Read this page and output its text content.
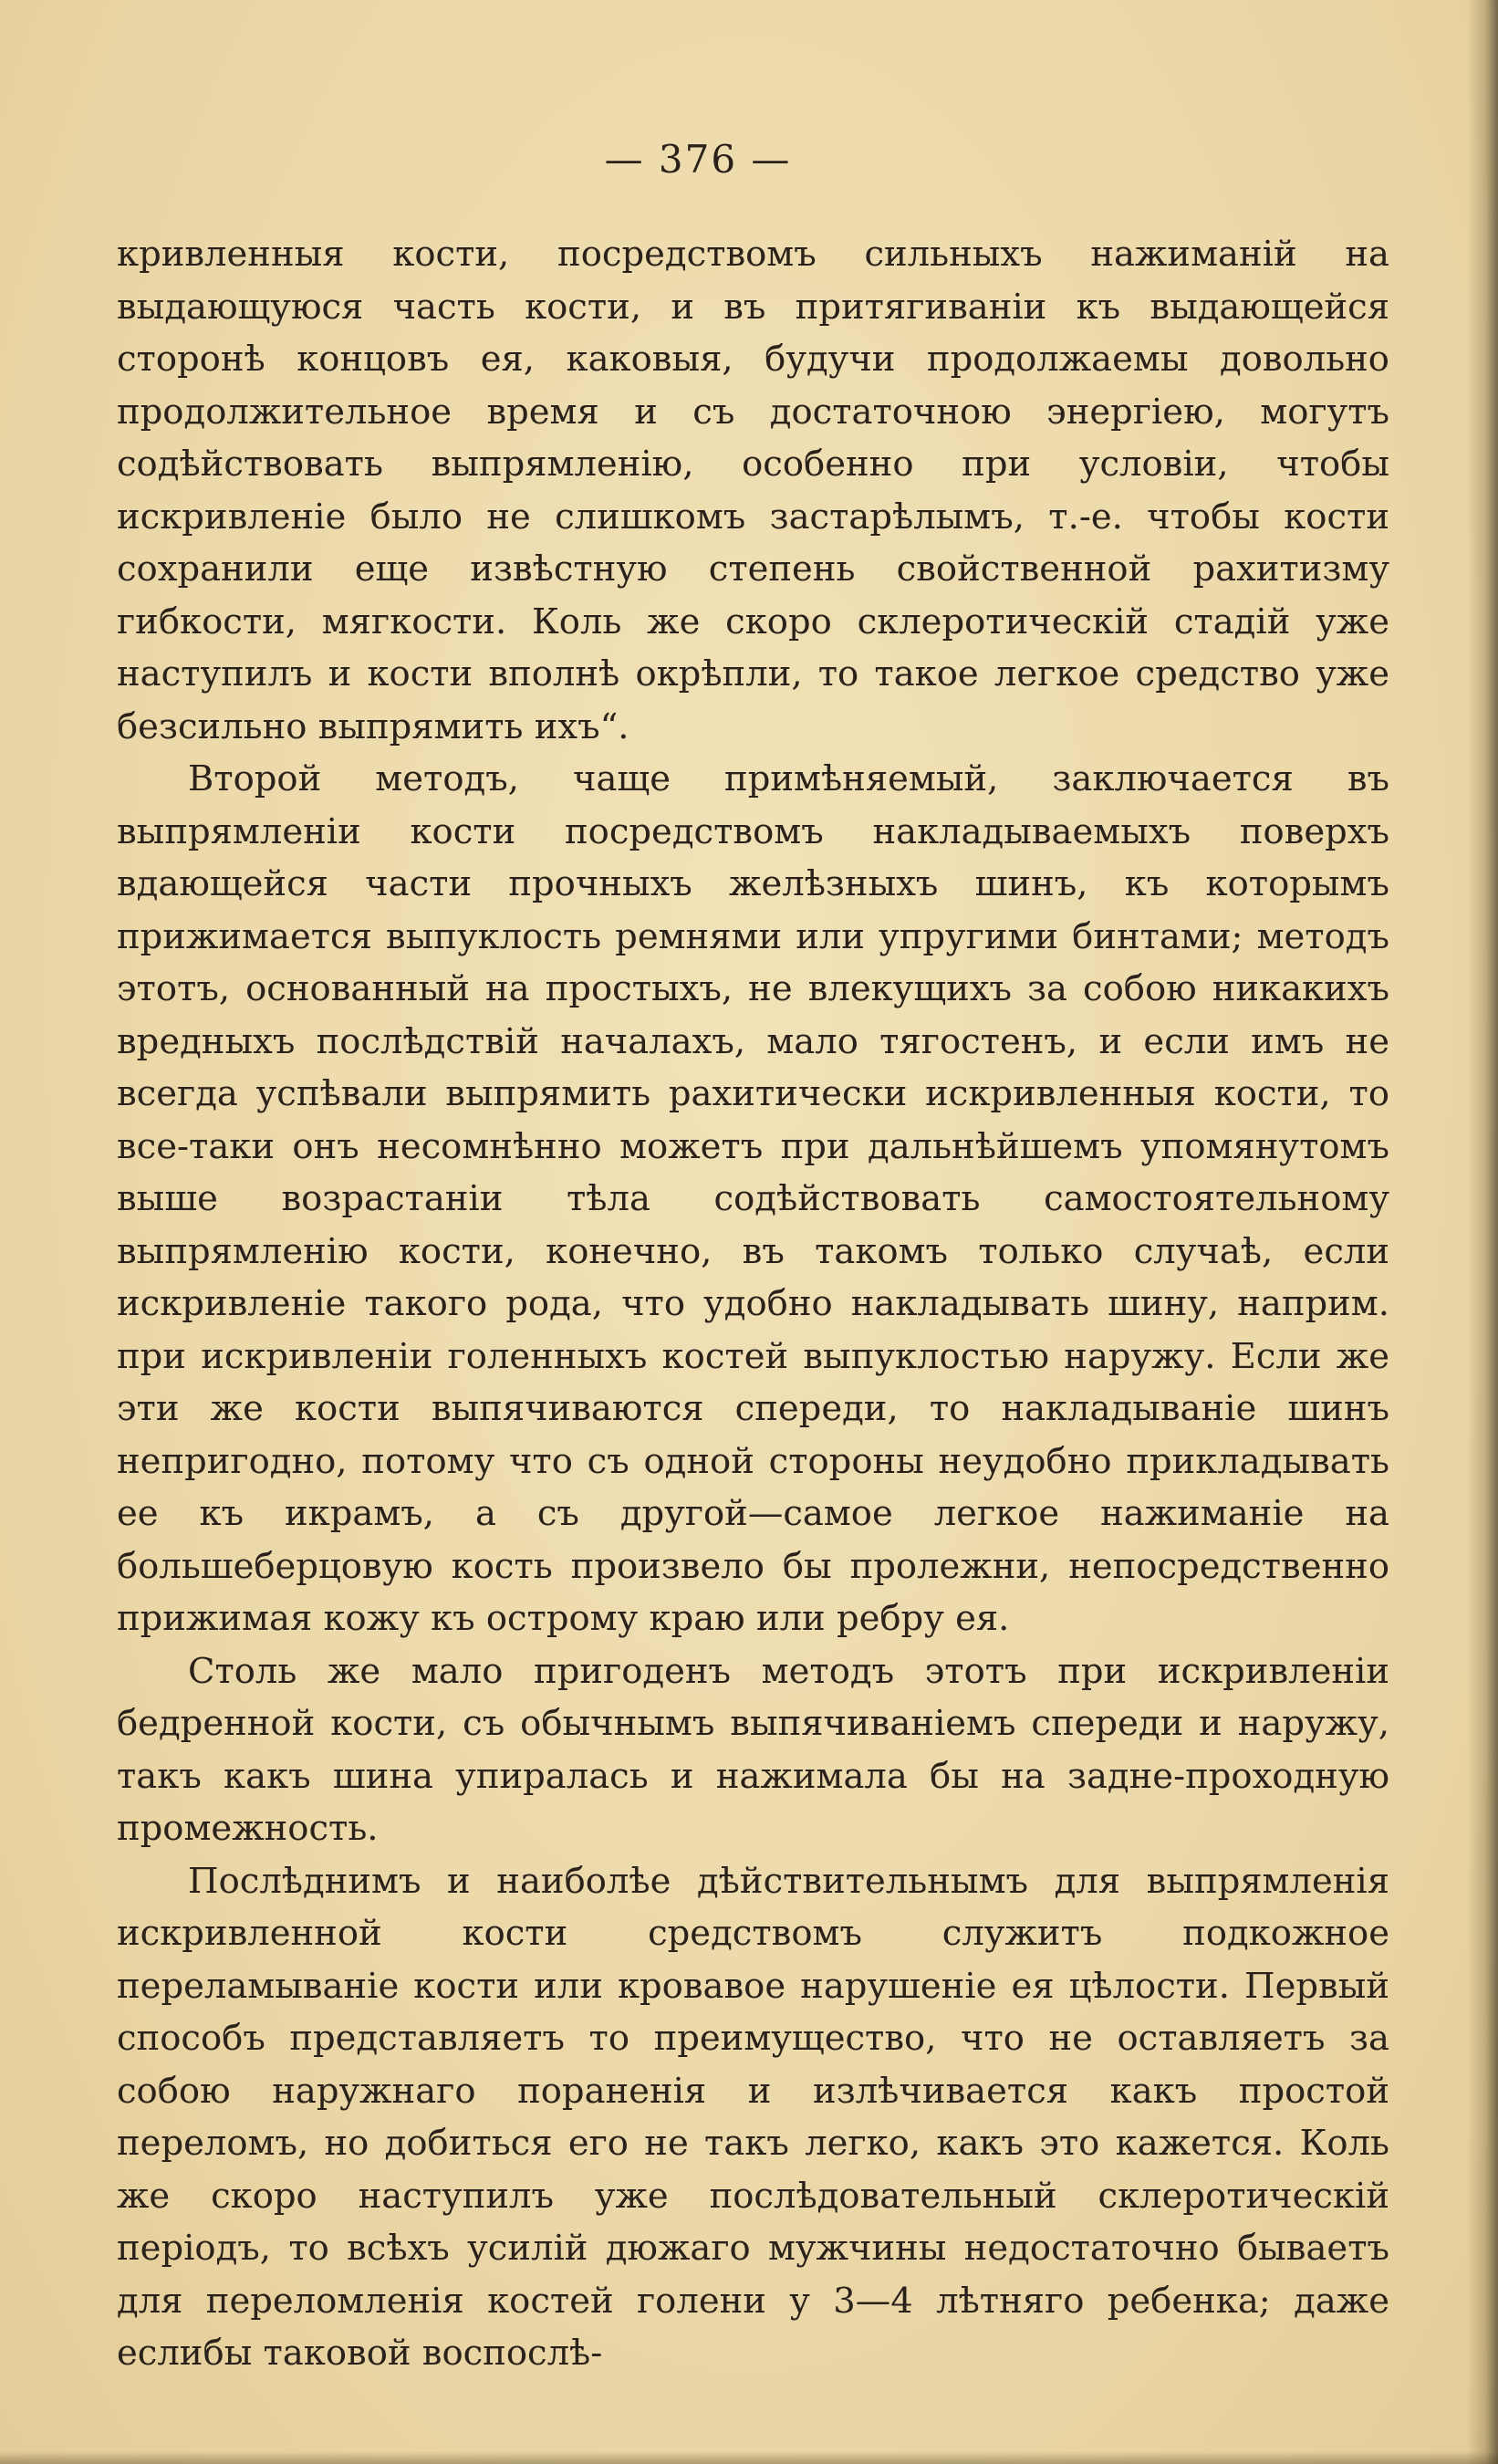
— 376 —

кривленныя кости, посредствомъ сильныхъ нажиманій на выдающуюся часть кости, и въ притягиваніи къ выдающейся сторонѣ концовъ ея, каковыя, будучи продолжаемы довольно продолжительное время и съ достаточною энергіею, могутъ содѣйствовать выпрямленію, особенно при условіи, чтобы искривленіе было не слишкомъ застарѣлымъ, т.-е. чтобы кости сохранили еще извѣстную степень свойственной рахитизму гибкости, мягкости. Коль же скоро склеротическій стадій уже наступилъ и кости вполнѣ окрѣпли, то такое легкое средство уже безсильно выпрямить ихъ“.

Второй методъ, чаще примѣняемый, заключается въ выпрямленіи кости посредствомъ накладываемыхъ поверхъ вдающейся части прочныхъ желѣзныхъ шинъ, къ которымъ прижимается выпуклость ремнями или упругими бинтами; методъ этотъ, основанный на простыхъ, не влекущихъ за собою никакихъ вредныхъ послѣдствій началахъ, мало тягостенъ, и если имъ не всегда успѣвали выпрямить рахитически искривленныя кости, то все-таки онъ несомнѣнно можетъ при дальнѣйшемъ упомянутомъ выше возрастаніи тѣла содѣйствовать самостоятельному выпрямленію кости, конечно, въ такомъ только случаѣ, если искривленіе такого рода, что удобно накладывать шину, наприм. при искривленіи голенныхъ костей выпуклостью наружу. Если же эти же кости выпячиваются спереди, то накладываніе шинъ непригодно, потому что съ одной стороны неудобно прикладывать ее къ икрамъ, а съ другой—самое легкое нажиманіе на большеберцовую кость произвело бы пролежни, непосредственно прижимая кожу къ острому краю или ребру ея.

Столь же мало пригоденъ методъ этотъ при искривленіи бедренной кости, съ обычнымъ выпячиваніемъ спереди и наружу, такъ какъ шина упиралась и нажимала бы на задне-проходную промежность.

Послѣднимъ и наиболѣе дѣйствительнымъ для выпрямленія искривленной кости средствомъ служитъ подкожное переламываніе кости или кровавое нарушеніе ея цѣлости. Первый способъ представляетъ то преимущество, что не оставляетъ за собою наружнаго пораненія и излѣчивается какъ простой переломъ, но добиться его не такъ легко, какъ это кажется. Коль же скоро наступилъ уже послѣдовательный склеротическій періодъ, то всѣхъ усилій дюжаго мужчины недостаточно бываетъ для переломленія костей голени у 3—4 лѣтняго ребенка; даже еслибы таковой воспослѣ-
